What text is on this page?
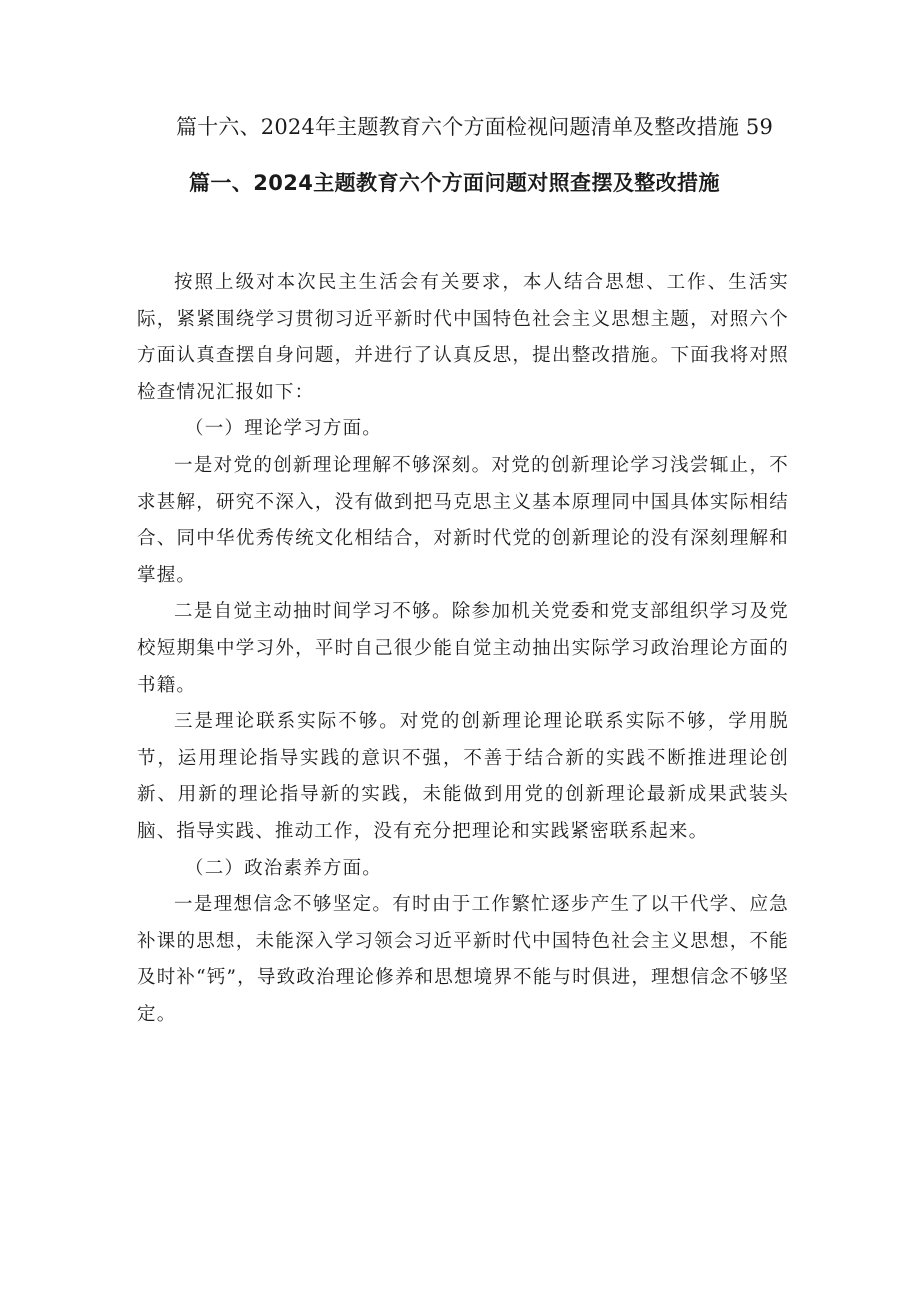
篇十六、2024年主题教育六个方面检视问题清单及整改措施 59
篇一、2024主题教育六个方面问题对照查摆及整改措施

按照上级对本次民主生活会有关要求，本人结合思想、工作、生活实际，紧紧围绕学习贯彻习近平新时代中国特色社会主义思想主题，对照六个方面认真查摆自身问题，并进行了认真反思，提出整改措施。下面我将对照检查情况汇报如下：

（一）理论学习方面。

一是对党的创新理论理解不够深刻。对党的创新理论学习浅尝辄止，不求甚解，研究不深入，没有做到把马克思主义基本原理同中国具体实际相结合、同中华优秀传统文化相结合，对新时代党的创新理论的没有深刻理解和掌握。

二是自觉主动抽时间学习不够。除参加机关党委和党支部组织学习及党校短期集中学习外，平时自己很少能自觉主动抽出实际学习政治理论方面的书籍。

三是理论联系实际不够。对党的创新理论理论联系实际不够，学用脱节，运用理论指导实践的意识不强，不善于结合新的实践不断推进理论创新、用新的理论指导新的实践，未能做到用党的创新理论最新成果武装头脑、指导实践、推动工作，没有充分把理论和实践紧密联系起来。

（二）政治素养方面。

一是理想信念不够坚定。有时由于工作繁忙逐步产生了以干代学、应急补课的思想，未能深入学习领会习近平新时代中国特色社会主义思想，不能及时补“钙”，导致政治理论修养和思想境界不能与时俱进，理想信念不够坚定。
